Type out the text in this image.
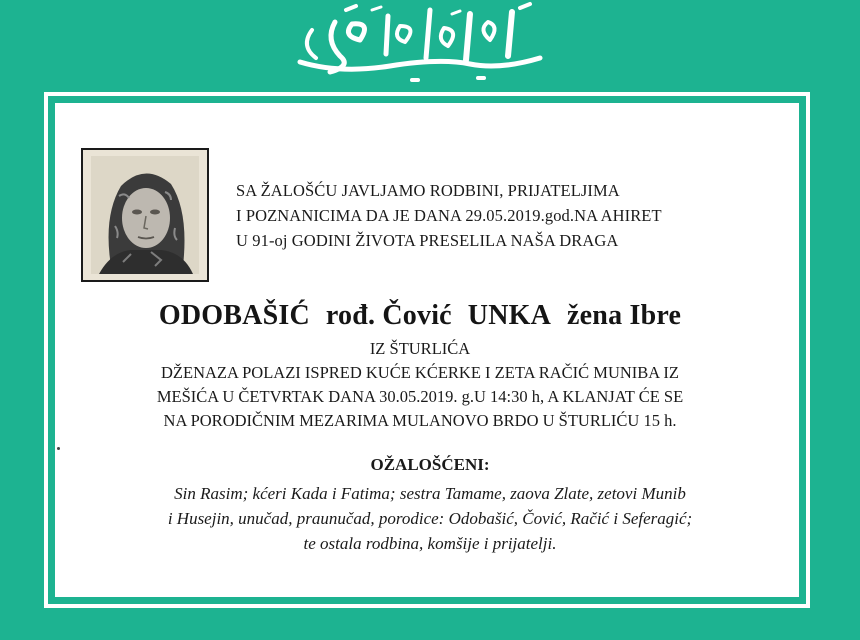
SA ŽALOŠĆU JAVLJAMO RODBINI, PRIJATELJIMA
I POZNANICIMA DA JE DANA 29.05.2019.god.NA AHIRET
U 91-oj GODINI ŽIVOTA PRESELILA NAŠA DRAGA
ODOBAŠIĆ rođ. Čović UNKA žena Ibre
IZ ŠTURLIĆA
DŽENAZA POLAZI ISPRED KUĆE KĆERKE I ZETA RAČIĆ MUNIBA IZ
MEŠIĆA U ČETVRTAK DANA 30.05.2019. g.U 14:30 h, A KLANJAT ĆE SE
NA PORODIČNIM MEZARIMA MULANOVO BRDO U ŠTURLIĆU 15 h.
OŽALOŠĆENI:
Sin Rasim; kćeri Kada i Fatima; sestra Tamame, zaova Zlate, zetovi Munib
i Husejin, unučad, praunučad, porodice: Odobašić, Čović, Račić i Seferagić;
te ostala rodbina, komšije i prijatelji.
